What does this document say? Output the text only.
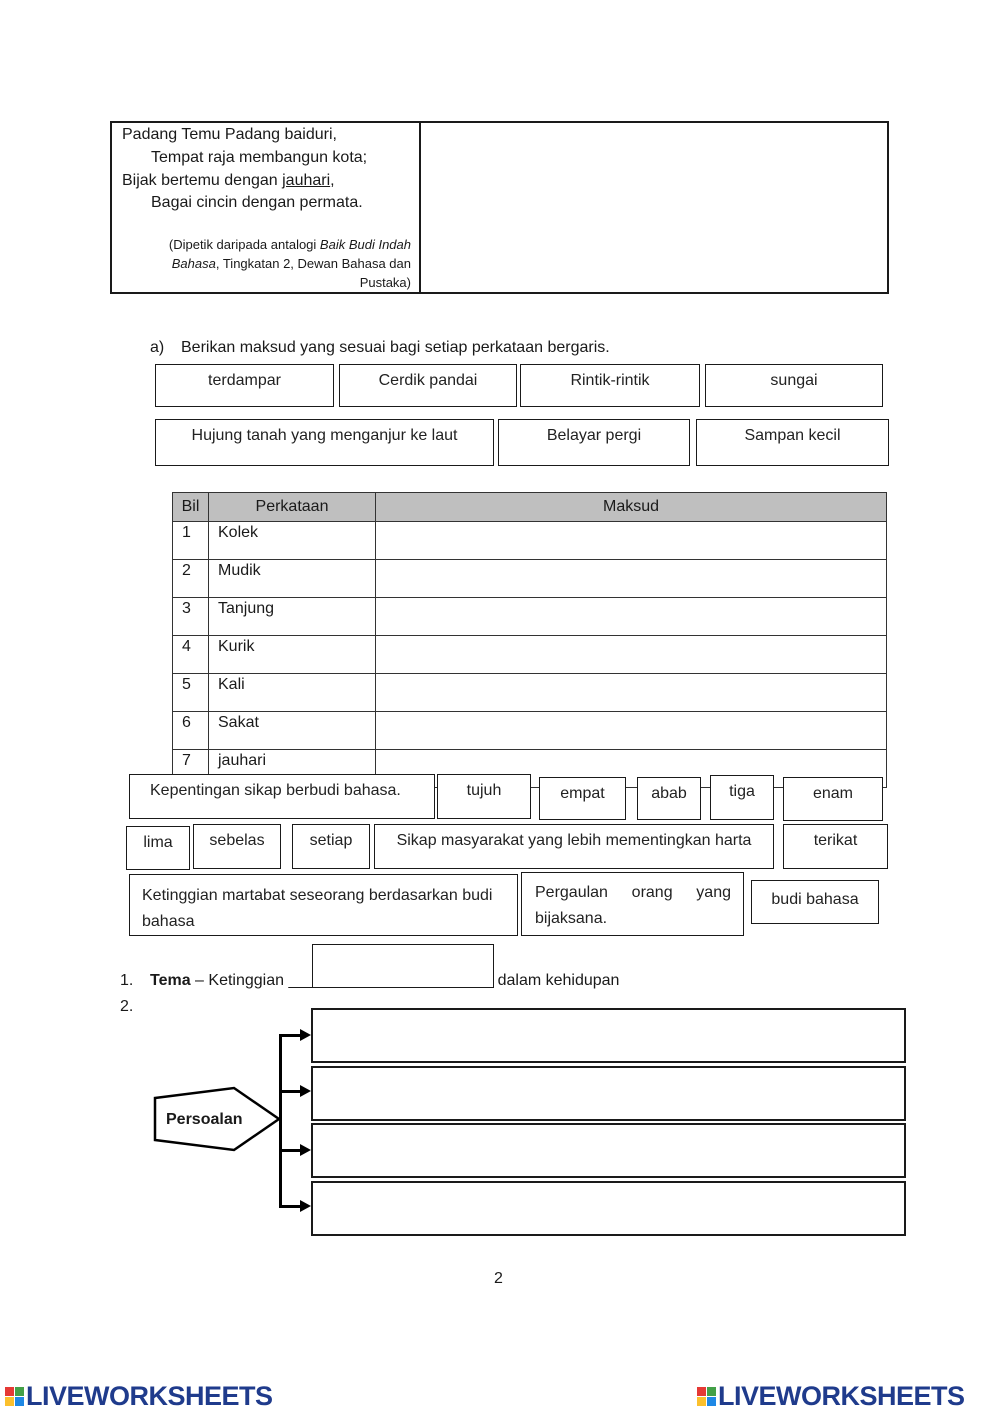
Padang Temu Padang baiduri,
Tempat raja membangun kota;
Bijak bertemu dengan jauhari,
Bagai cincin dengan permata.
(Dipetik daripada antalogi Baik Budi Indah Bahasa, Tingkatan 2, Dewan Bahasa dan Pustaka)
a) Berikan maksud yang sesuai bagi setiap perkataan bergaris.
terdampar	Cerdik pandai	Rintik-rintik	sungai
Hujung tanah yang menganjur ke laut	Belayar pergi	Sampan kecil
Bil	Perkataan	Maksud
1	Kolek	
2	Mudik	
3	Tanjung	
4	Kurik	
5	Kali	
6	Sakat	
7	jauhari	
Kepentingan sikap berbudi bahasa.	tujuh	empat	abab	tiga	enam
lima	sebelas	setiap	Sikap masyarakat yang lebih mementingkan harta	terikat
Ketinggian martabat seseorang berdasarkan budi bahasa
Pergaulan orang yang bijaksana.
budi bahasa
1. Tema – Ketinggian _______________________ dalam kehidupan
2.
Persoalan
2
LIVEWORKSHEETS	LIVEWORKSHEETS
